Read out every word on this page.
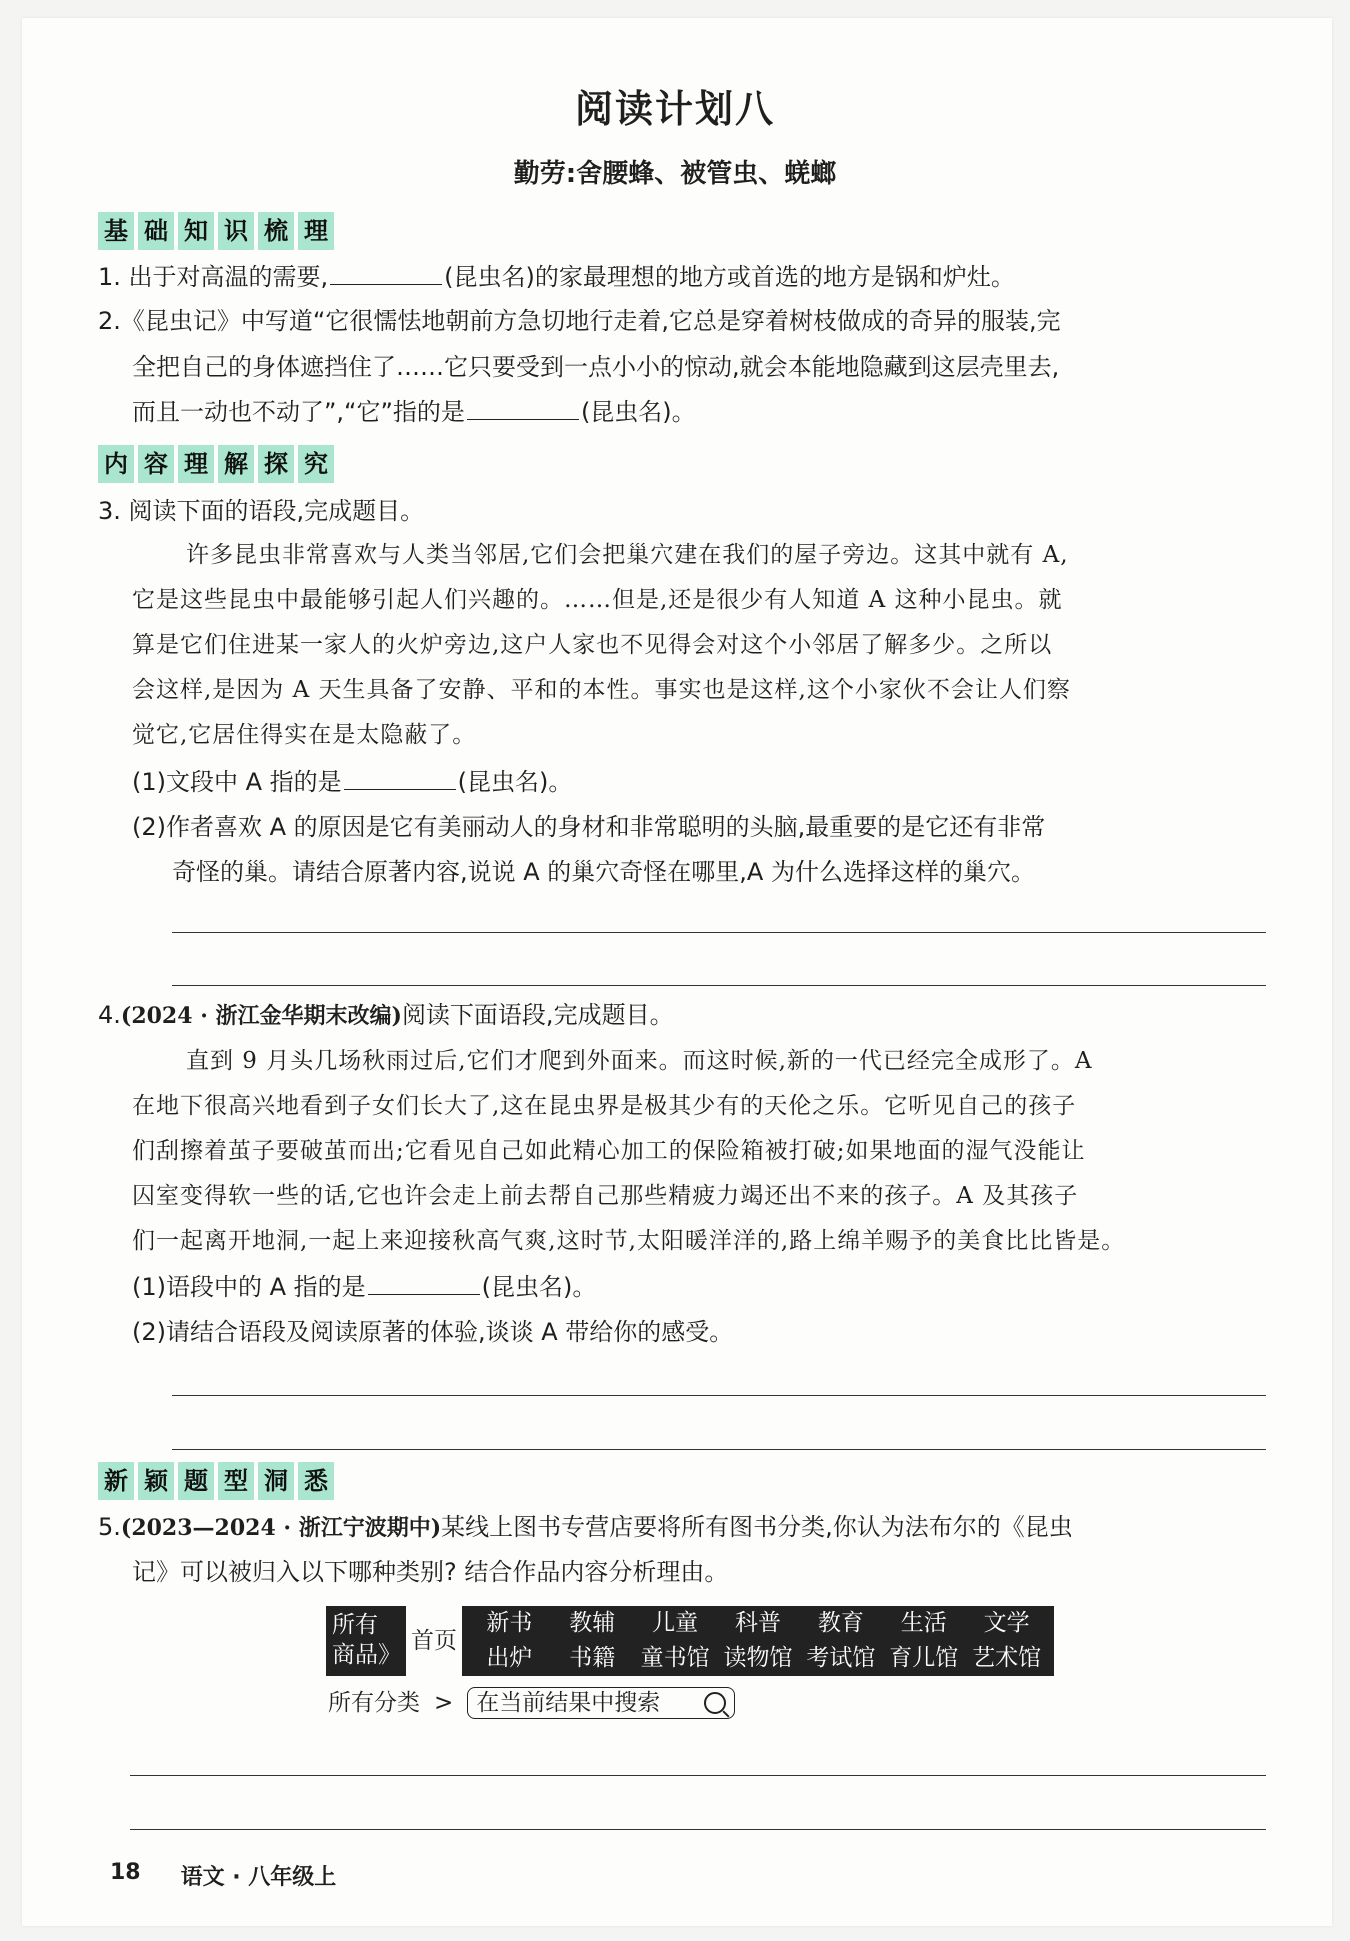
阅读计划八
勤劳:舍腰蜂、被管虫、蜣螂
基 础 知 识 梳 理
1. 出于对高温的需要,	(昆虫名)的家最理想的地方或首选的地方是锅和炉灶。
2.《昆虫记》中写道“它很懦怯地朝前方急切地行走着,它总是穿着树枝做成的奇异的服装,完
全把自己的身体遮挡住了……它只要受到一点小小的惊动,就会本能地隐藏到这层壳里去,
而且一动也不动了”,“它”指的是	(昆虫名)。
内 容 理 解 探 究
3. 阅读下面的语段,完成题目。
许多昆虫非常喜欢与人类当邻居,它们会把巢穴建在我们的屋子旁边。这其中就有 A,
它是这些昆虫中最能够引起人们兴趣的。……但是,还是很少有人知道 A 这种小昆虫。就
算是它们住进某一家人的火炉旁边,这户人家也不见得会对这个小邻居了解多少。之所以
会这样,是因为 A 天生具备了安静、平和的本性。事实也是这样,这个小家伙不会让人们察
觉它,它居住得实在是太隐蔽了。
(1)文段中 A 指的是	(昆虫名)。
(2)作者喜欢 A 的原因是它有美丽动人的身材和非常聪明的头脑,最重要的是它还有非常
奇怪的巢。请结合原著内容,说说 A 的巢穴奇怪在哪里,A 为什么选择这样的巢穴。
4.(2024 · 浙江金华期末改编)阅读下面语段,完成题目。
直到 9 月头几场秋雨过后,它们才爬到外面来。而这时候,新的一代已经完全成形了。A
在地下很高兴地看到子女们长大了,这在昆虫界是极其少有的天伦之乐。它听见自己的孩子
们刮擦着茧子要破茧而出;它看见自己如此精心加工的保险箱被打破;如果地面的湿气没能让
囚室变得软一些的话,它也许会走上前去帮自己那些精疲力竭还出不来的孩子。A 及其孩子
们一起离开地洞,一起上来迎接秋高气爽,这时节,太阳暖洋洋的,路上绵羊赐予的美食比比皆是。
(1)语段中的 A 指的是	(昆虫名)。
(2)请结合语段及阅读原著的体验,谈谈 A 带给你的感受。
新 颖 题 型 洞 悉
5.(2023—2024 · 浙江宁波期中)某线上图书专营店要将所有图书分类,你认为法布尔的《昆虫
记》可以被归入以下哪种类别? 结合作品内容分析理由。
所有
商品》
首页
新书	教辅	儿童	科普	教育	生活	文学
出炉	书籍	童书馆 读物馆 考试馆 育儿馆 艺术馆
所有分类 > 在当前结果中搜索
18 语文 · 八年级上
